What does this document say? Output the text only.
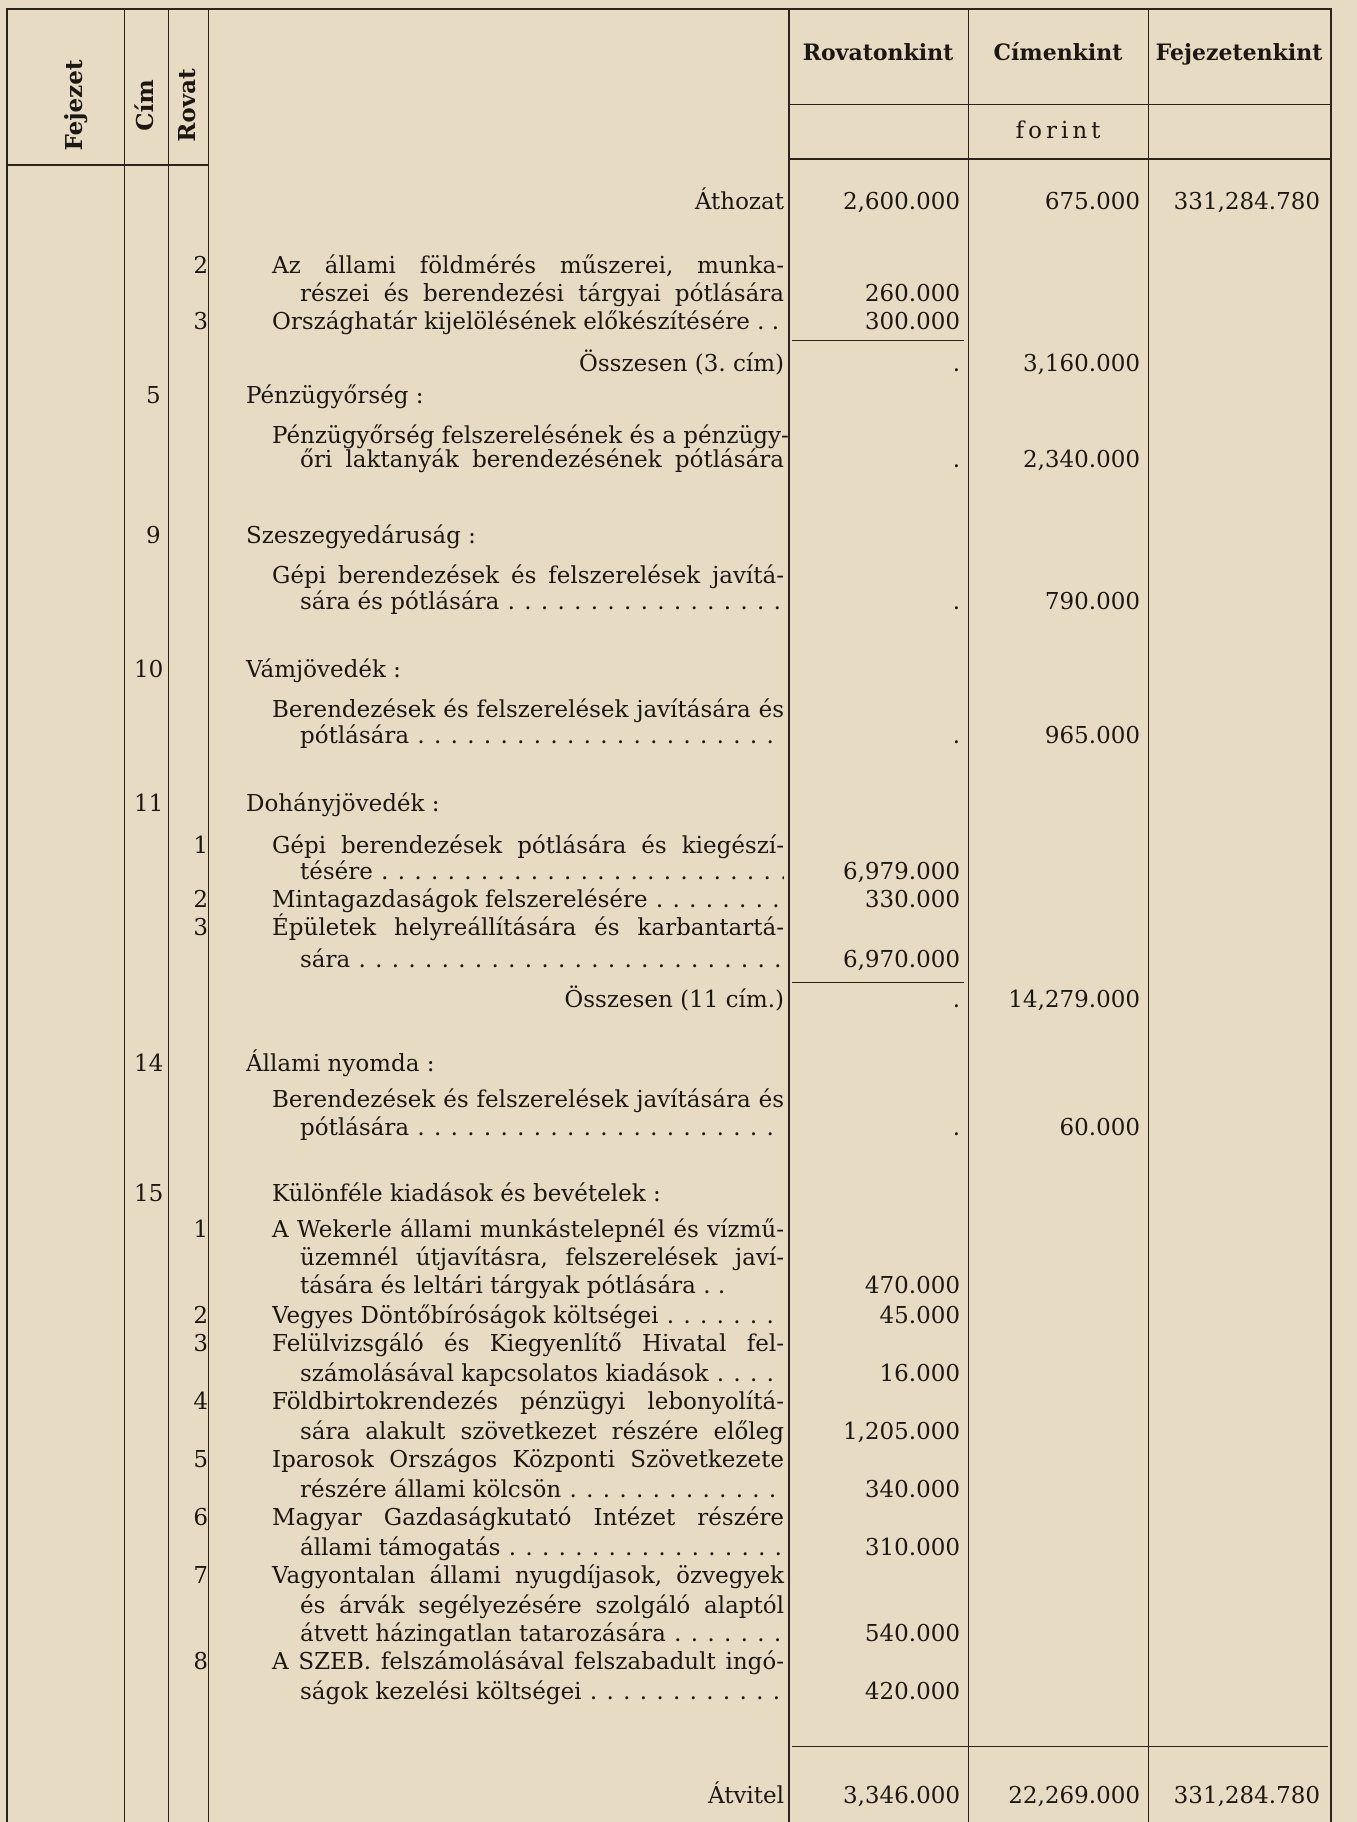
Fejezet Cím Rovat
Rovatonkint	Címenkint	Fejezetenkint
forint
Áthozat	2,600.000	675.000	331,284.780
2	Az állami földmérés műszerei, munka-
részei és berendezési tárgyai pótlására	260.000
3	Országhatár kijelölésének előkészítésére . .	300.000
Összesen (3. cím)	.	3,160.000
5	Pénzügyőrség :
Pénzügyőrség felszerelésének és a pénzügy-
őri laktanyák berendezésének pótlására	.	2,340.000
9	Szeszegyedáruság :
Gépi berendezések és felszerelések javítá-
sára és pótlására . . .	.	790.000
10	Vámjövedék :
Berendezések és felszerelések javítására és
pótlására . . .	.	965.000
11	Dohányjövedék :
1	Gépi berendezések pótlására és kiegészí-
tésére . . .	6,979.000
2	Mintagazdaságok felszerelésére . . .	330.000
3	Épületek helyreállítására és karbantartá-
sára . . .	6,970.000
Összesen (11 cím.)	.	14,279.000
14	Állami nyomda :
Berendezések és felszerelések javítására és
pótlására . . .	.	60.000
15	Különféle kiadások és bevételek :
1	A Wekerle állami munkástelepnél és vízmű-
üzemnél útjavításra, felszerelések javí-
tására és leltári tárgyak pótlására . .	470.000
2	Vegyes Döntőbíróságok költségei . . .	45.000
3	Felülvizsgáló és Kiegyenlítő Hivatal fel-
számolásával kapcsolatos kiadások . . .	16.000
4	Földbirtokrendezés pénzügyi lebonyolítá-
sára alakult szövetkezet részére előleg	1,205.000
5	Iparosok Országos Központi Szövetkezete
részére állami kölcsön . . .	340.000
6	Magyar Gazdaságkutató Intézet részére
állami támogatás . . .	310.000
7	Vagyontalan állami nyugdíjasok, özvegyek
és árvák segélyezésére szolgáló alaptól
átvett házingatlan tatarozására . . .	540.000
8	A SZEB. felszámolásával felszabadult ingó-
ságok kezelési költségei . . .	420.000
Átvitel	3,346.000	22,269.000	331,284.780
